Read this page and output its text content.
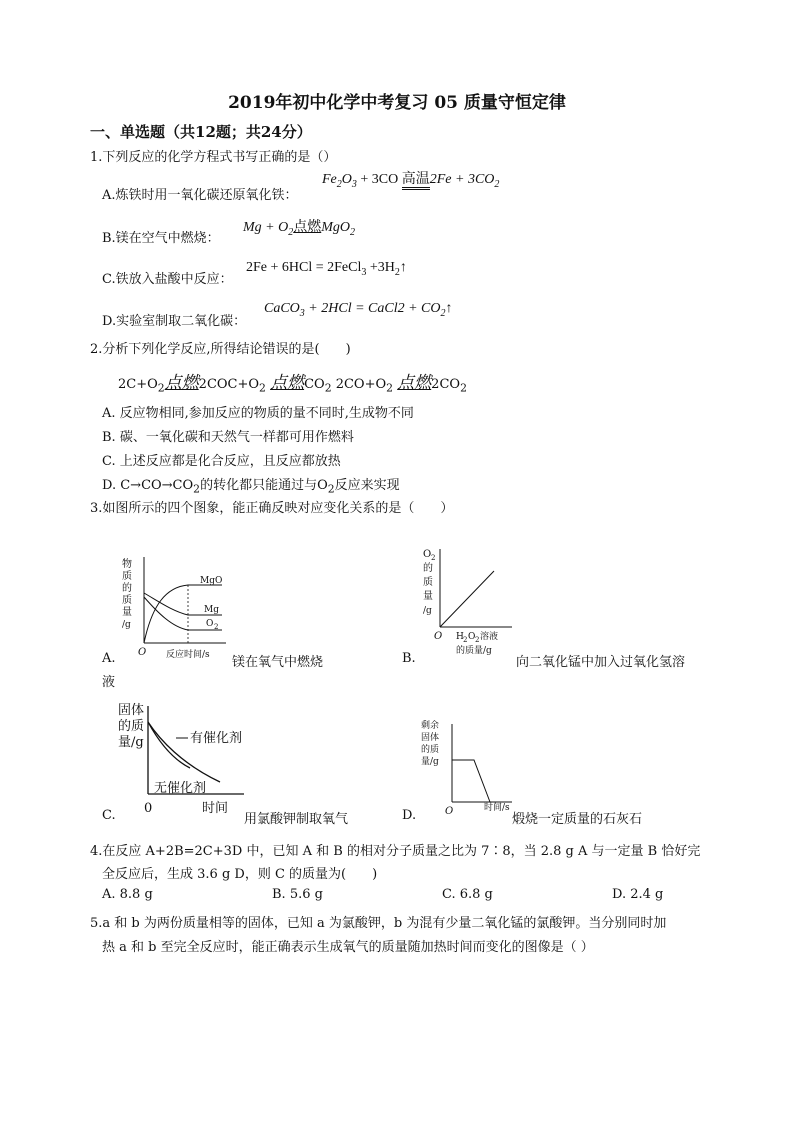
2019年初中化学中考复习 05 质量守恒定律
一、单选题（共12题；共24分）
1.下列反应的化学方程式书写正确的是（）
A.炼铁时用一氧化碳还原氧化铁：
$Fe_2O_3 + 3CO$ 高温$2Fe + 3CO_2$
B.镁在空气中燃烧：
$Mg + O_2$点燃MgO$_2$
C.铁放入盐酸中反应：
2Fe + 6HCl = 2FeCl$_3$ $+3H_2↑$
D.实验室制取二氧化碳：
CaCO$_3$ + 2HCl = CaCl2 + $CO_2↑$
2.分析下列化学反应,所得结论错误的是(　　)
$2C+O_2$点燃$2COC+O_2$ 点燃$CO_2$ $2CO+O_2$ 点燃$2CO_2$
A. 反应物相同,参加反应的物质的量不同时,生成物不同
B. 碳、一氧化碳和天然气一样都可用作燃料
C. 上述反应都是化合反应，且反应都放热
D. $C\to CO\to CO_2$的转化都只能通过与$O_2$反应来实现
3.如图所示的四个图象，能正确反映对应变化关系的是（　　）
物
质
的
质
量
/g
O 反应时间/s
MgO
Mg
O 2
A.	镁在氧气中燃烧
O 2
的
质
量
/g
O H 2 O 2 溶液
的质量/g
B.	向二氧化锰中加入过氧化氢溶
液
固体
的质
量/g
0	时间
有催化剂
无催化剂
C.	用氯酸钾制取氧气
剩 余
固 体
的 质
量 /g
O	时间/s
D.	煅烧一定质量的石灰石
4.在反应 A+2B=2C+3D 中，已知 A 和 B 的相对分子质量之比为 7∶8，当 2.8 g A 与一定量 B 恰好完
全反应后，生成 3.6 g D，则 C 的质量为(　　)
A. 8.8 g	B. 5.6 g	C. 6.8 g	D. 2.4 g
5.a 和 b 为两份质量相等的固体，已知 a 为氯酸钾，b 为混有少量二氧化锰的氯酸钾。当分别同时加
热 a 和 b 至完全反应时，能正确表示生成氧气的质量随加热时间而变化的图像是（ ）
